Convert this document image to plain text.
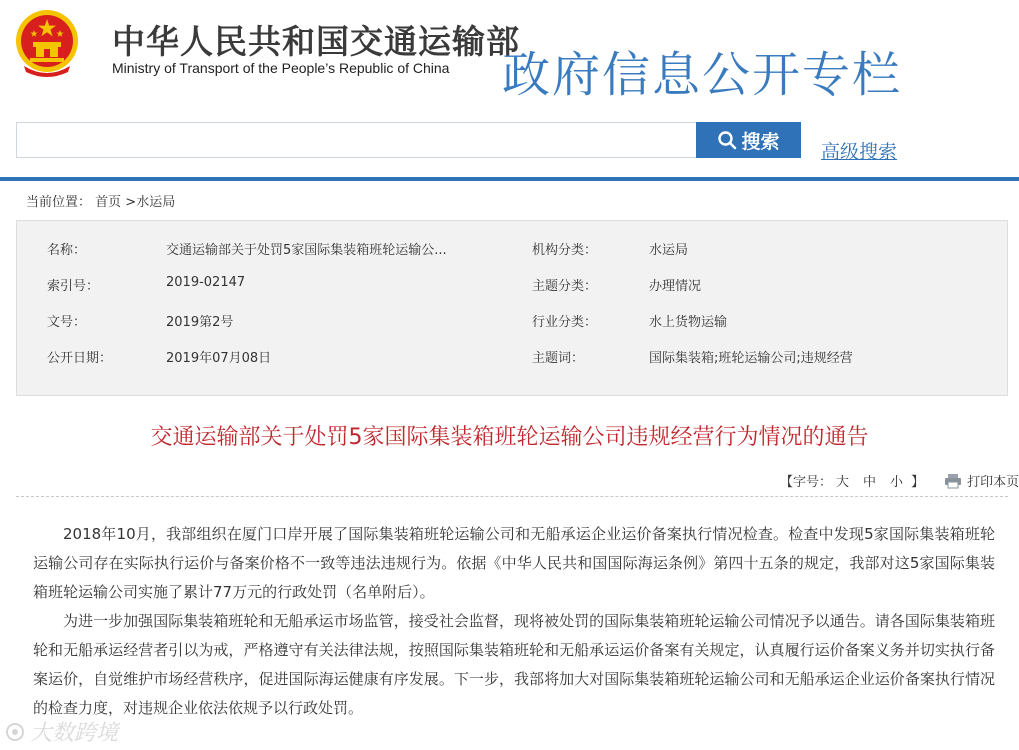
中华人民共和国交通运输部
Ministry of Transport of the People’s Republic of China 政府信息公开专栏
搜索 高级搜索
当前位置： 首页 >水运局
名称：	交通运输部关于处罚5家国际集装箱班轮运输公...	机构分类：	水运局
索引号：	2019-02147	主题分类：	办理情况
文号：	2019第2号	行业分类：	水上货物运输
公开日期：	2019年07月08日	主题词：	国际集装箱;班轮运输公司;违规经营
交通运输部关于处罚5家国际集装箱班轮运输公司违规经营行为情况的通告
【字号： 大 中 小 】	打印本页

2018年10月，我部组织在厦门口岸开展了国际集装箱班轮运输公司和无船承运企业运价备案执行情况检查。检查中发现5家国际集装箱班轮运输公司存在实际执行运价与备案价格不一致等违法违规行为。依据《中华人民共和国国际海运条例》第四十五条的规定，我部对这5家国际集装箱班轮运输公司实施了累计77万元的行政处罚（名单附后）。

为进一步加强国际集装箱班轮和无船承运市场监管，接受社会监督，现将被处罚的国际集装箱班轮运输公司情况予以通告。请各国际集装箱班轮和无船承运经营者引以为戒，严格遵守有关法律法规，按照国际集装箱班轮和无船承运运价备案有关规定，认真履行运价备案义务并切实执行备案运价，自觉维护市场经营秩序，促进国际海运健康有序发展。下一步，我部将加大对国际集装箱班轮运输公司和无船承运企业运价备案执行情况的检查力度，对违规企业依法依规予以行政处罚。

大数跨境
